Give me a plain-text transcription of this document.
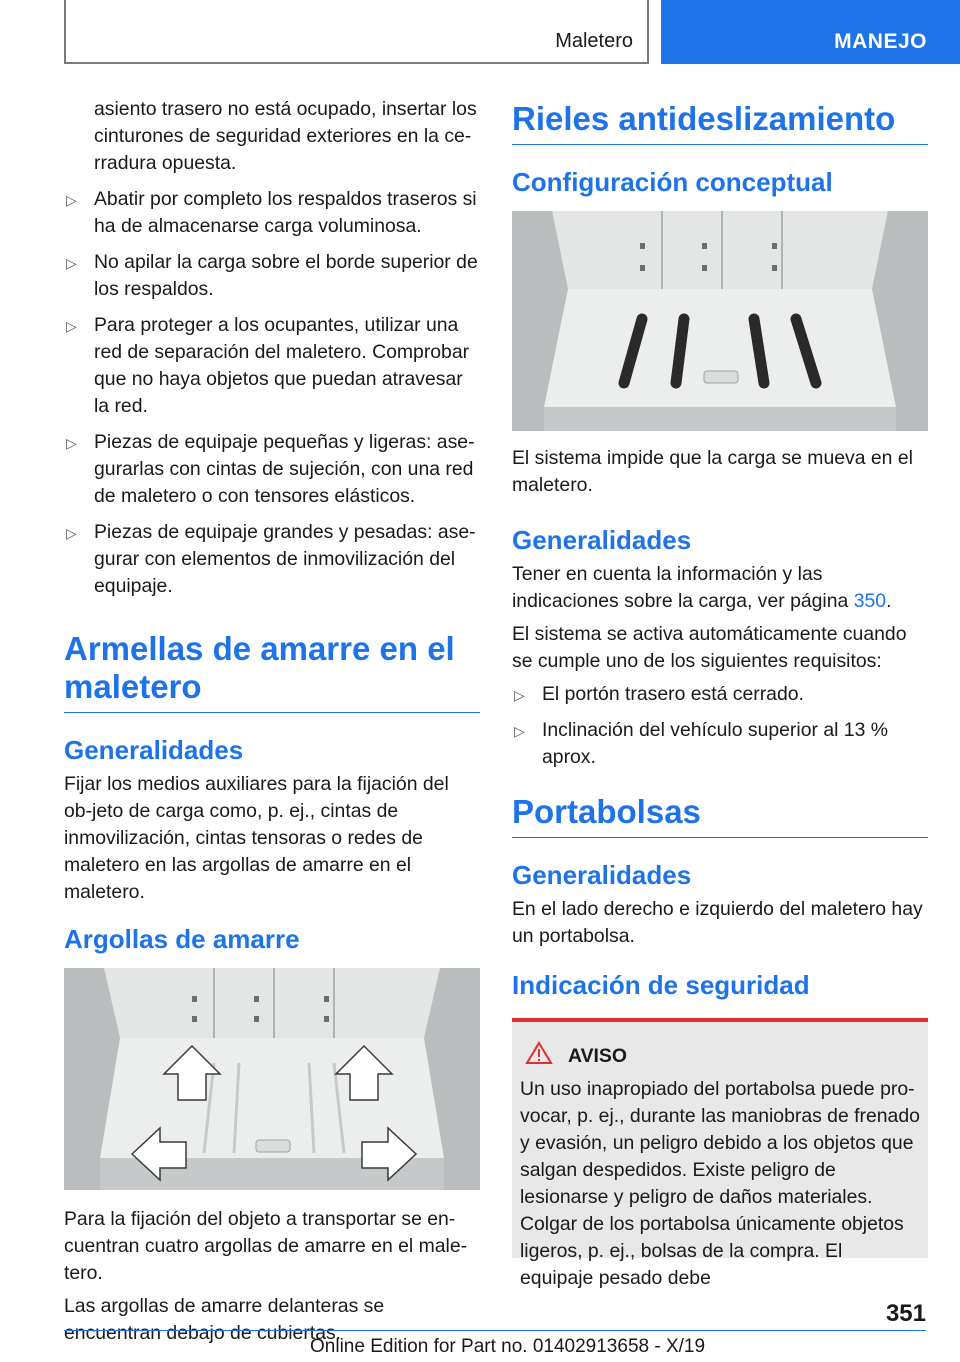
Maletero	MANEJO

asiento trasero no está ocupado, insertar los cinturones de seguridad exteriores en la ce-rradura opuesta.

▷ Abatir por completo los respaldos traseros si ha de almacenarse carga voluminosa.
▷ No apilar la carga sobre el borde superior de los respaldos.
▷ Para proteger a los ocupantes, utilizar una red de separación del maletero. Comprobar que no haya objetos que puedan atravesar la red.
▷ Piezas de equipaje pequeñas y ligeras: ase-gurarlas con cintas de sujeción, con una red de maletero o con tensores elásticos.
▷ Piezas de equipaje grandes y pesadas: ase-gurar con elementos de inmovilización del equipaje.
Armellas de amarre en el maletero
Generalidades

Fijar los medios auxiliares para la fijación del ob-jeto de carga como, p. ej., cintas de inmovilización, cintas tensoras o redes de maletero en las argollas de amarre en el maletero.

Argollas de amarre

Para la fijación del objeto a transportar se en-cuentran cuatro argollas de amarre en el male-tero.

Las argollas de amarre delanteras se encuentran debajo de cubiertas.

Rieles antideslizamiento
Configuración conceptual

El sistema impide que la carga se mueva en el maletero.

Generalidades

Tener en cuenta la información y las indicaciones sobre la carga, ver página 350.

El sistema se activa automáticamente cuando se cumple uno de los siguientes requisitos:

▷ El portón trasero está cerrado.
▷ Inclinación del vehículo superior al 13 % aprox.
Portabolsas
Generalidades

En el lado derecho e izquierdo del maletero hay un portabolsa.

Indicación de seguridad
AVISO

Un uso inapropiado del portabolsa puede pro-vocar, p. ej., durante las maniobras de frenado y evasión, un peligro debido a los objetos que salgan despedidos. Existe peligro de lesionarse y peligro de daños materiales. Colgar de los portabolsa únicamente objetos ligeros, p. ej., bolsas de la compra. El equipaje pesado debe

351
Online Edition for Part no. 01402913658 - X/19
